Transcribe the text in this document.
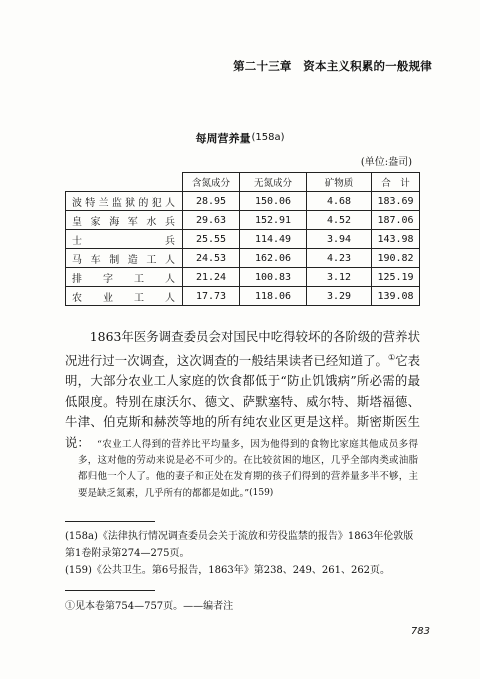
第二十三章　资本主义积累的一般规律
每周营养量$^{(158a)}$
(单位:盎司)
	含氮成分	无氮成分	矿物质	合　计
波特兰监狱的犯人	28.95	150.06	4.68	183.69
皇家海军水兵	29.63	152.91	4.52	187.06
士兵	25.55	114.49	3.94	143.98
马车制造工人	24.53	162.06	4.23	190.82
排字工人	21.24	100.83	3.12	125.19
农业工人	17.73	118.06	3.29	139.08
1863年医务调查委员会对国民中吃得较坏的各阶级的营养状况进行过一次调查，这次调查的一般结果读者已经知道了。①它表明，大部分农业工人家庭的饮食都低于“防止饥饿病”所必需的最低限度。特别在康沃尔、德文、萨默塞特、威尔特、斯塔福德、牛津、伯克斯和赫茨等地的所有纯农业区更是这样。斯密斯医生说： “农业工人得到的营养比平均量多，因为他得到的食物比家庭其他成员多得多，这对他的劳动来说是必不可少的。在比较贫困的地区，几乎全部肉类或油脂都归他一个人了。他的妻子和正处在发育期的孩子们得到的营养量多半不够，主要是缺乏氮素，几乎所有的都都是如此。”$^{(159)}$

(158a)《法律执行情况调查委员会关于流放和劳役监禁的报告》1863年伦敦版第1卷附录第274—275页。

(159)《公共卫生。第6号报告，1863年》第238、249、261、262页。

①见本卷第754—757页。——编者注
783
